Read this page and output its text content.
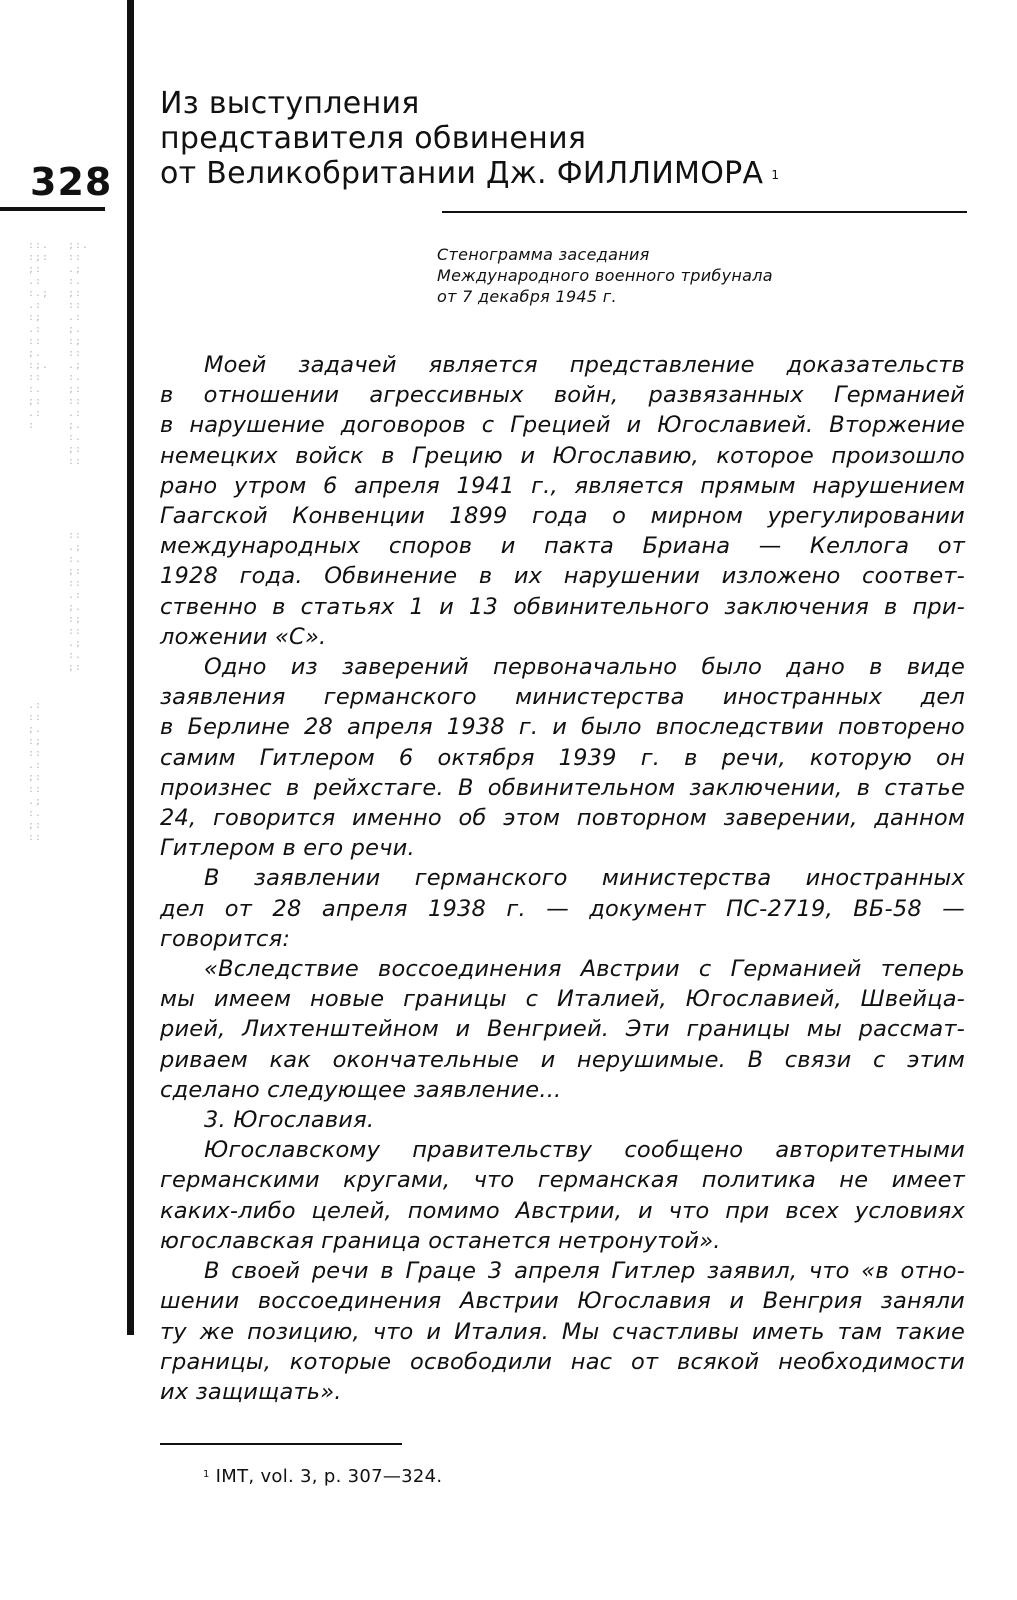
328
::.
:;:
;:
.:
:.;
.:
:;
.:
::
;.
:;.
::
:.
;:
.:
:
;:.
::
.;
:.
;:
::
.:
;.
:;
::
.;
:.
;:
::
.:
;.
:.
;:
::
.:
::
;.
:;
::
.:
;:
::
.;
:.
;:
::
::
.;
:.
;:
::
.:
;.
:;
::
.;
:.
;:
Из выступления
представителя обвинения
от Великобритании Дж. ФИЛЛИМОРА $^1$
Стенограмма заседания
Международного военного трибунала
от 7 декабря 1945 г.
Моей задачей является представление доказательств
в отношении агрессивных войн, развязанных Германией
в нарушение договоров с Грецией и Югославией. Вторжение
немецких войск в Грецию и Югославию, которое произошло
рано утром 6 апреля 1941 г., является прямым нарушением
Гаагской Конвенции 1899 года о мирном урегулировании
международных споров и пакта Бриана — Келлога от
1928 года. Обвинение в их нарушении изложено соответ-
ственно в статьях 1 и 13 обвинительного заключения в при-
ложении «С».
Одно из заверений первоначально было дано в виде
заявления германского министерства иностранных дел
в Берлине 28 апреля 1938 г. и было впоследствии повторено
самим Гитлером 6 октября 1939 г. в речи, которую он
произнес в рейхстаге. В обвинительном заключении, в статье
24, говорится именно об этом повторном заверении, данном
Гитлером в его речи.
В заявлении германского министерства иностранных
дел от 28 апреля 1938 г. — документ ПС-2719, ВБ-58 —
говорится:
«Вследствие воссоединения Австрии с Германией теперь
мы имеем новые границы с Италией, Югославией, Швейца-
рией, Лихтенштейном и Венгрией. Эти границы мы рассмат-
риваем как окончательные и нерушимые. В связи с этим
сделано следующее заявление...
3. Югославия.
Югославскому правительству сообщено авторитетными
германскими кругами, что германская политика не имеет
каких-либо целей, помимо Австрии, и что при всех условиях
югославская граница останется нетронутой».
В своей речи в Граце 3 апреля Гитлер заявил, что «в отно-
шении воссоединения Австрии Югославия и Венгрия заняли
ту же позицию, что и Италия. Мы счастливы иметь там такие
границы, которые освободили нас от всякой необходимости
их защищать».
$^1$ IMT, vol. 3, p. 307—324.
